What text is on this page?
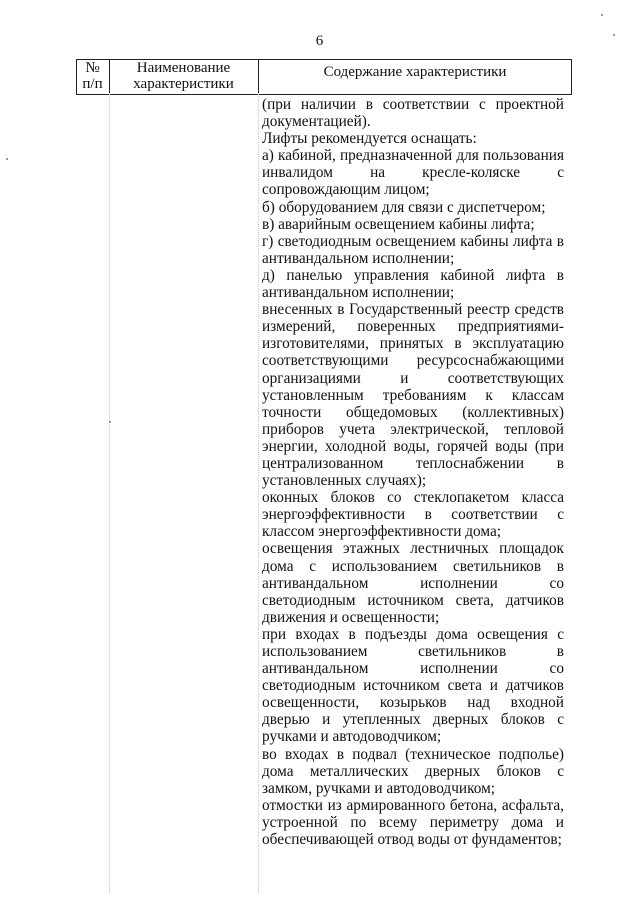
6
№
п/п
Наименование
характеристики
Содержание характеристики

(при наличии в соответствии с проектной документацией).

Лифты рекомендуется оснащать:

а) кабиной, предназначенной для пользования инвалидом на кресле-коляске с сопровождающим лицом;

б) оборудованием для связи с диспетчером;

в) аварийным освещением кабины лифта;

г) светодиодным освещением кабины лифта в антивандальном исполнении;

д) панелью управления кабиной лифта в антивандальном исполнении;

внесенных в Государственный реестр средств измерений, поверенных предприятиями-изготовителями, принятых в эксплуатацию соответствующими ресурсоснабжающими организациями и соответствующих установленным требованиям к классам точности общедомовых (коллективных) приборов учета электрической, тепловой энергии, холодной воды, горячей воды (при централизованном теплоснабжении в установленных случаях);

оконных блоков со стеклопакетом класса энергоэффективности в соответствии с классом энергоэффективности дома;

освещения этажных лестничных площадок дома с использованием светильников в антивандальном исполнении со светодиодным источником света, датчиков движения и освещенности;

при входах в подъезды дома освещения с использованием светильников в антивандальном исполнении со светодиодным источником света и датчиков освещенности, козырьков над входной дверью и утепленных дверных блоков с ручками и автодоводчиком;

во входах в подвал (техническое подполье) дома металлических дверных блоков с замком, ручками и автодоводчиком;

отмостки из армированного бетона, асфальта, устроенной по всему периметру дома и обеспечивающей отвод воды от фундаментов;
